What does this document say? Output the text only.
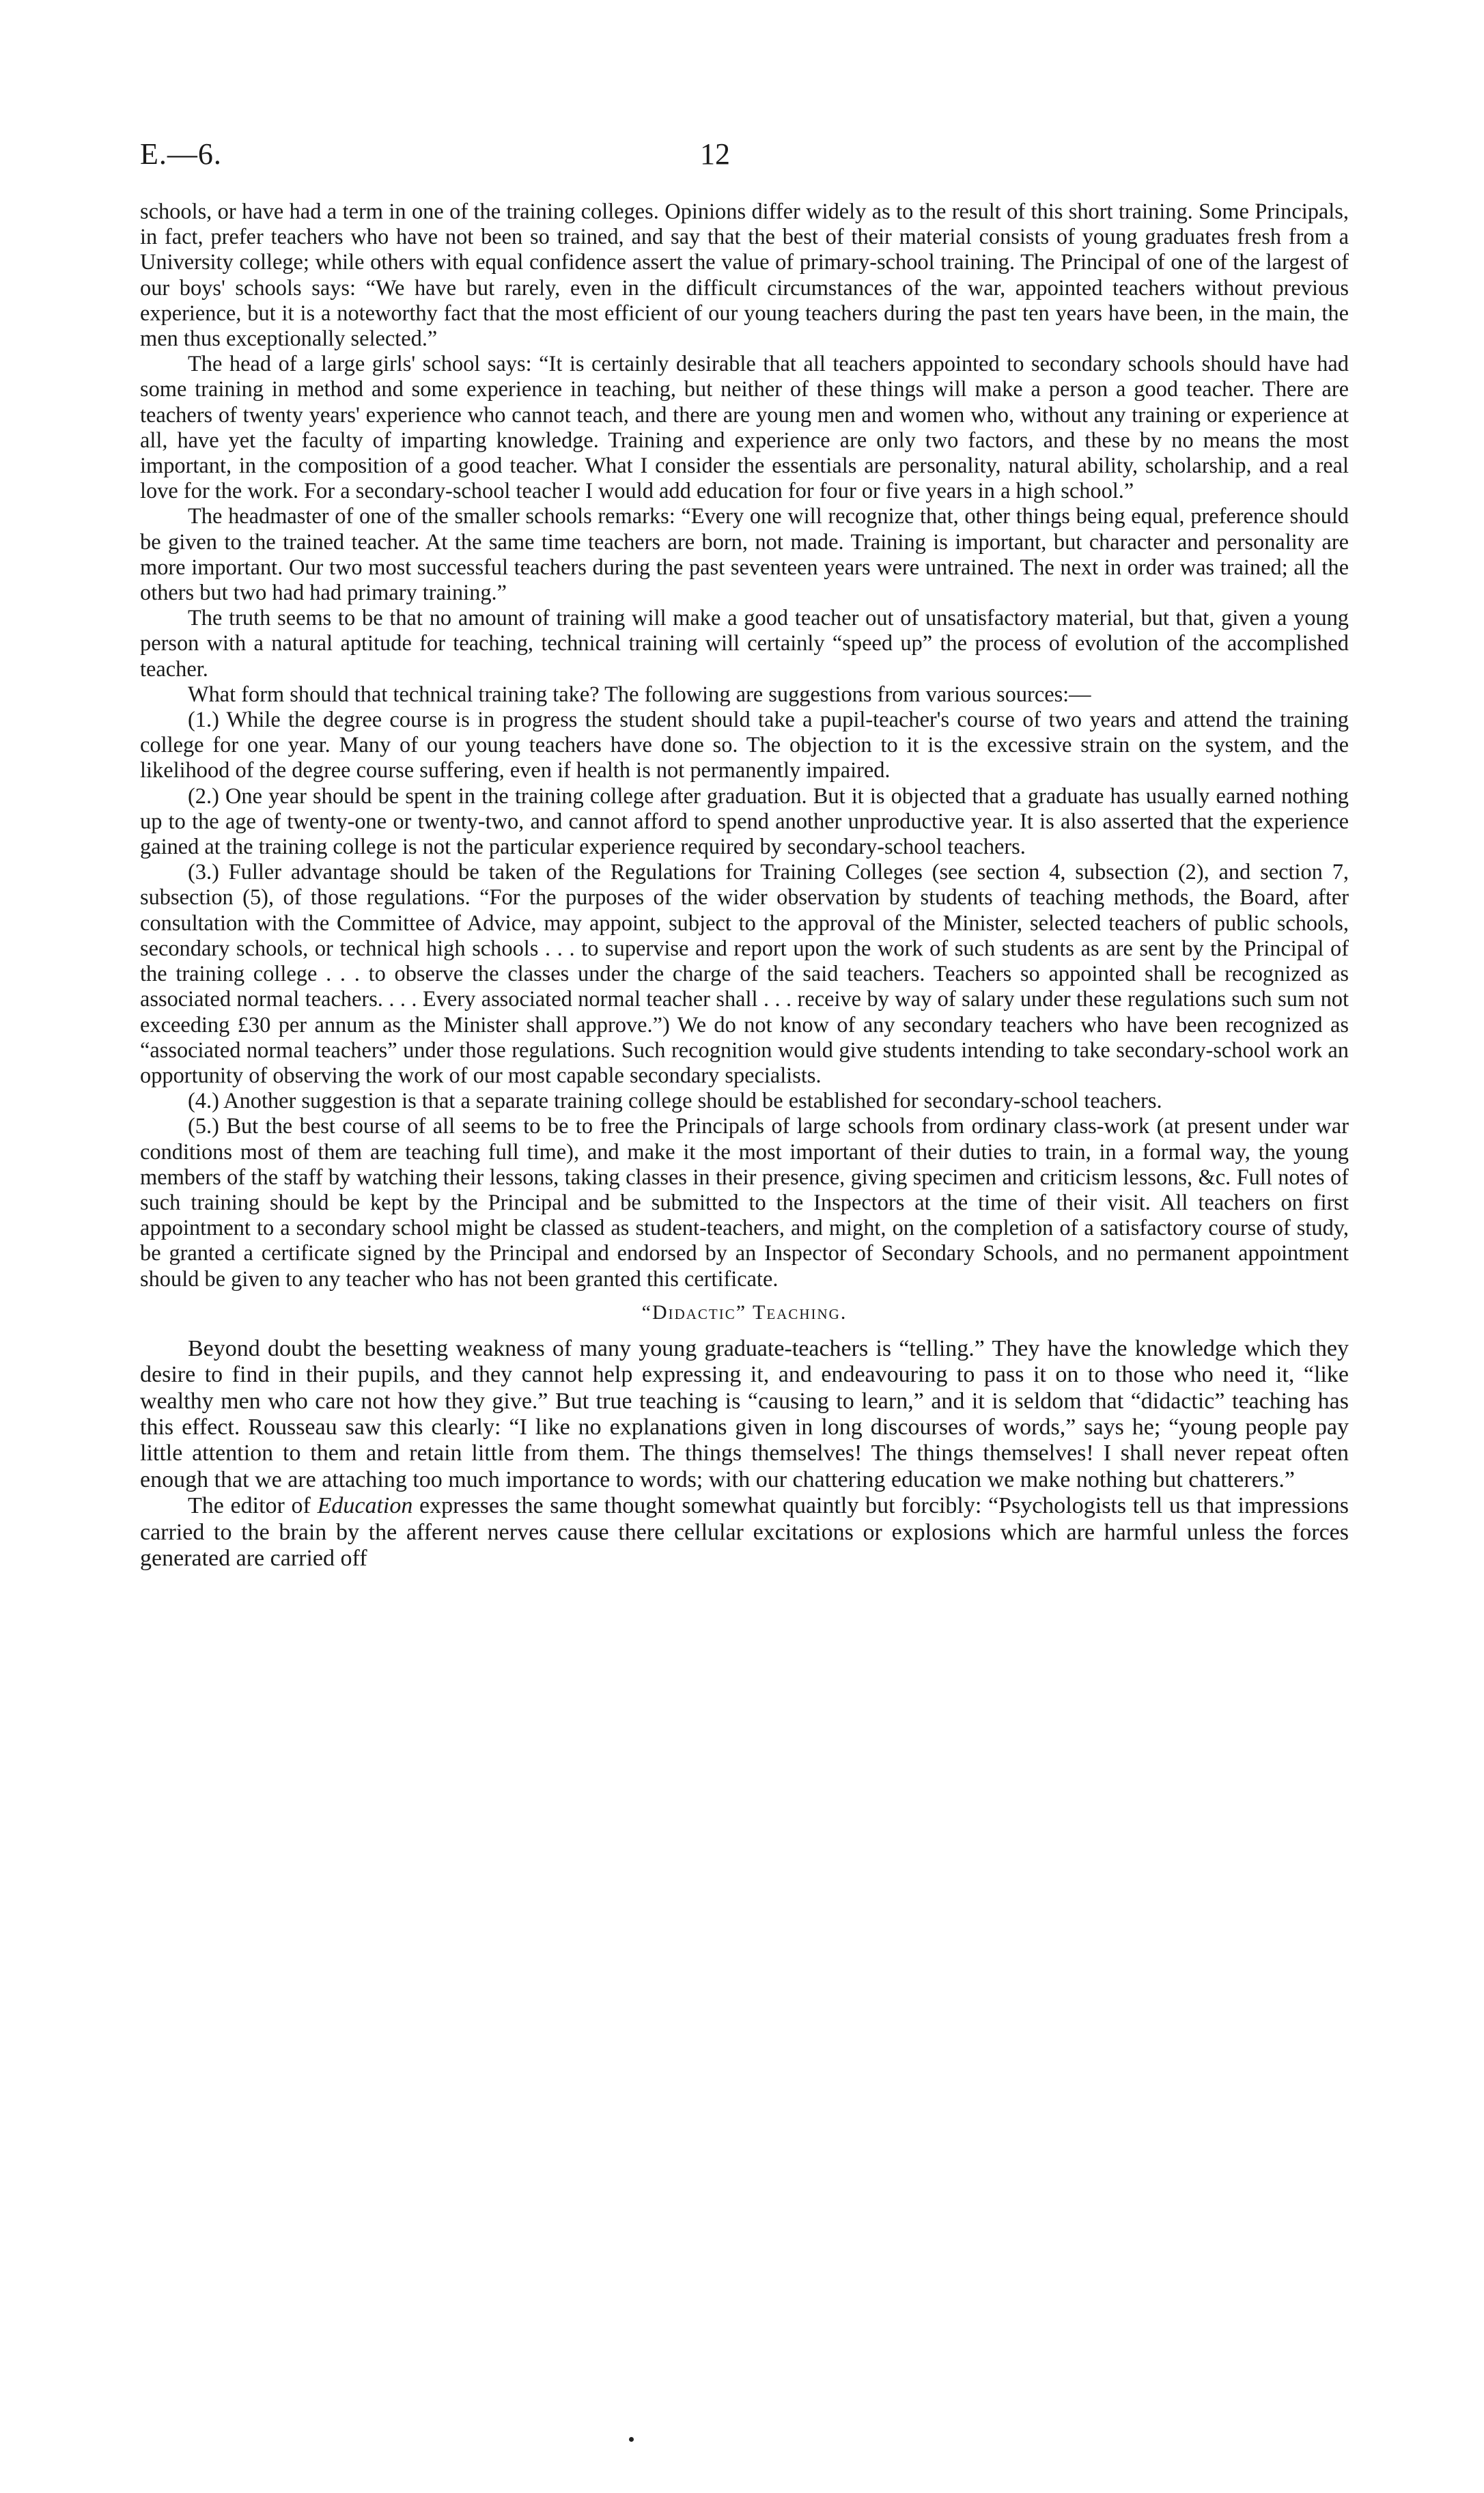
E.—6.	12

schools, or have had a term in one of the training colleges. Opinions differ widely as to the result of this short training. Some Principals, in fact, prefer teachers who have not been so trained, and say that the best of their material consists of young graduates fresh from a University college; while others with equal confidence assert the value of primary-school training. The Principal of one of the largest of our boys' schools says: “We have but rarely, even in the difficult circumstances of the war, appointed teachers without previous experience, but it is a noteworthy fact that the most efficient of our young teachers during the past ten years have been, in the main, the men thus exceptionally selected.”

The head of a large girls' school says: “It is certainly desirable that all teachers appointed to secondary schools should have had some training in method and some experience in teaching, but neither of these things will make a person a good teacher. There are teachers of twenty years' experience who cannot teach, and there are young men and women who, without any training or experience at all, have yet the faculty of imparting knowledge. Training and experience are only two factors, and these by no means the most important, in the composition of a good teacher. What I consider the essentials are personality, natural ability, scholarship, and a real love for the work. For a secondary-school teacher I would add education for four or five years in a high school.”

The headmaster of one of the smaller schools remarks: “Every one will recognize that, other things being equal, preference should be given to the trained teacher. At the same time teachers are born, not made. Training is important, but character and personality are more important. Our two most successful teachers during the past seventeen years were untrained. The next in order was trained; all the others but two had had primary training.”

The truth seems to be that no amount of training will make a good teacher out of unsatisfactory material, but that, given a young person with a natural aptitude for teaching, technical training will certainly “speed up” the process of evolution of the accomplished teacher.

What form should that technical training take? The following are suggestions from various sources:—

(1.) While the degree course is in progress the student should take a pupil-teacher's course of two years and attend the training college for one year. Many of our young teachers have done so. The objection to it is the excessive strain on the system, and the likelihood of the degree course suffering, even if health is not permanently impaired.

(2.) One year should be spent in the training college after graduation. But it is objected that a graduate has usually earned nothing up to the age of twenty-one or twenty-two, and cannot afford to spend another unproductive year. It is also asserted that the experience gained at the training college is not the particular experience required by secondary-school teachers.

(3.) Fuller advantage should be taken of the Regulations for Training Colleges (see section 4, subsection (2), and section 7, subsection (5), of those regulations. “For the purposes of the wider observation by students of teaching methods, the Board, after consultation with the Committee of Advice, may appoint, subject to the approval of the Minister, selected teachers of public schools, secondary schools, or technical high schools . . . to supervise and report upon the work of such students as are sent by the Principal of the training college . . . to observe the classes under the charge of the said teachers. Teachers so appointed shall be recognized as associated normal teachers. . . . Every associated normal teacher shall . . . receive by way of salary under these regulations such sum not exceeding £30 per annum as the Minister shall approve.”) We do not know of any secondary teachers who have been recognized as “associated normal teachers” under those regulations. Such recognition would give students intending to take secondary-school work an opportunity of observing the work of our most capable secondary specialists.

(4.) Another suggestion is that a separate training college should be established for secondary-school teachers.

(5.) But the best course of all seems to be to free the Principals of large schools from ordinary class-work (at present under war conditions most of them are teaching full time), and make it the most important of their duties to train, in a formal way, the young members of the staff by watching their lessons, taking classes in their presence, giving specimen and criticism lessons, &c. Full notes of such training should be kept by the Principal and be submitted to the Inspectors at the time of their visit. All teachers on first appointment to a secondary school might be classed as student-teachers, and might, on the completion of a satisfactory course of study, be granted a certificate signed by the Principal and endorsed by an Inspector of Secondary Schools, and no permanent appointment should be given to any teacher who has not been granted this certificate.

“Didactic” Teaching.

Beyond doubt the besetting weakness of many young graduate-teachers is “telling.” They have the knowledge which they desire to find in their pupils, and they cannot help expressing it, and endeavouring to pass it on to those who need it, “like wealthy men who care not how they give.” But true teaching is “causing to learn,” and it is seldom that “didactic” teaching has this effect. Rousseau saw this clearly: “I like no explanations given in long discourses of words,” says he; “young people pay little attention to them and retain little from them. The things themselves! The things themselves! I shall never repeat often enough that we are attaching too much importance to words; with our chattering education we make nothing but chatterers.”

The editor of Education expresses the same thought somewhat quaintly but forcibly: “Psychologists tell us that impressions carried to the brain by the afferent nerves cause there cellular excitations or explosions which are harmful unless the forces generated are carried off
